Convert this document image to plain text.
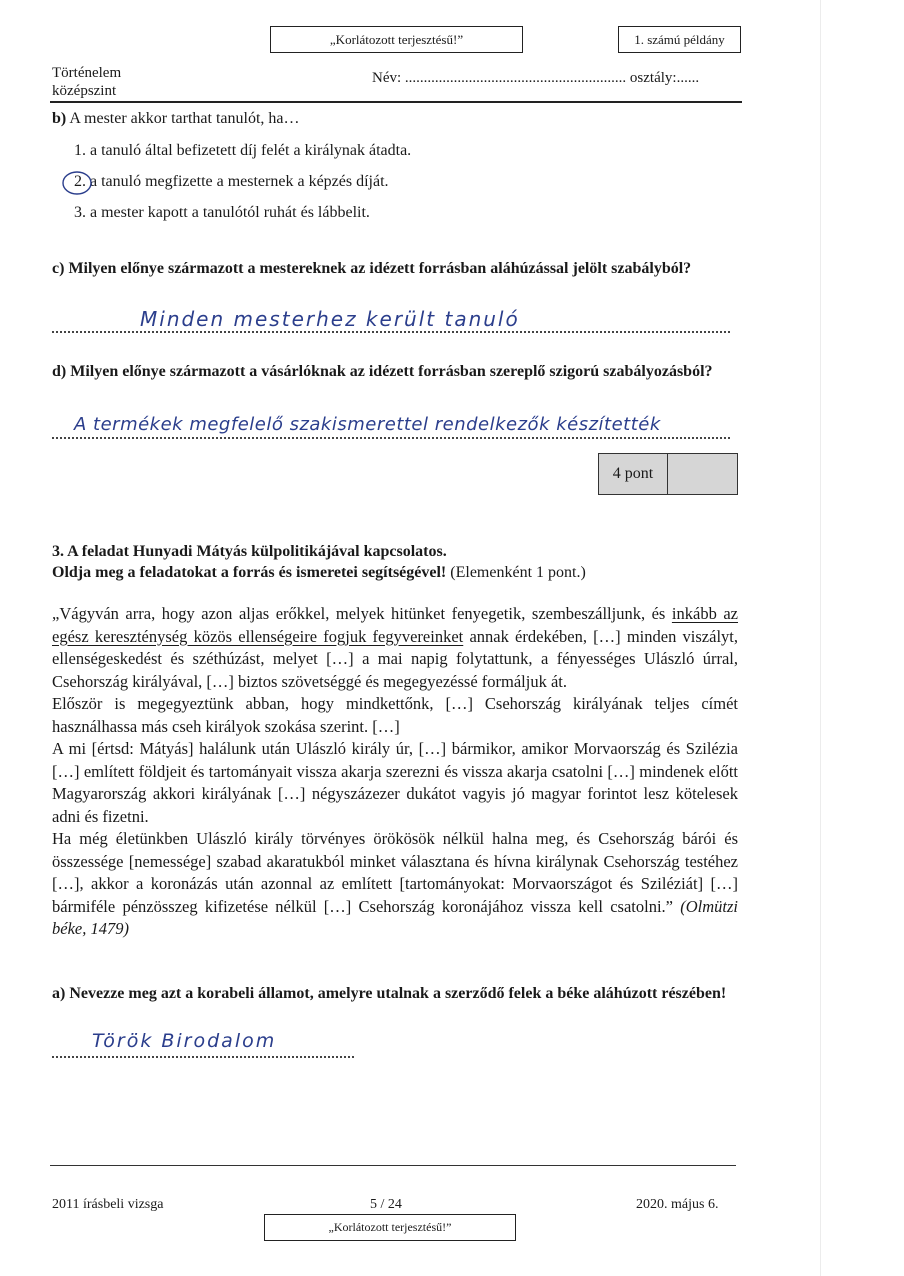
„Korlátozott terjesztésű!”	1. számú példány
Történelem
középszint
Név: ........................................................... osztály:......
b) A mester akkor tarthat tanulót, ha…
1. a tanuló által befizetett díj felét a királynak átadta.
2. a tanuló megfizette a mesternek a képzés díját.
3. a mester kapott a tanulótól ruhát és lábbelit.
c) Milyen előnye származott a mestereknek az idézett forrásban aláhúzással jelölt szabályból?
Minden mesterhez került tanuló
d) Milyen előnye származott a vásárlóknak az idézett forrásban szereplő szigorú szabályozásból?
A termékek megfelelő szakismerettel rendelkezők készítették
4 pont
3. A feladat Hunyadi Mátyás külpolitikájával kapcsolatos.
Oldja meg a feladatokat a forrás és ismeretei segítségével! (Elemenként 1 pont.)

„Vágyván arra, hogy azon aljas erőkkel, melyek hitünket fenyegetik, szembeszálljunk, és inkább az egész kereszténység közös ellenségeire fogjuk fegyvereinket annak érdekében, […] minden viszályt, ellenségeskedést és széthúzást, melyet […] a mai napig folytattunk, a fényességes Ulászló úrral, Csehország királyával, […] biztos szövetséggé és megegyezéssé formáljuk át.

Először is megegyeztünk abban, hogy mindkettőnk, […] Csehország királyának teljes címét használhassa más cseh királyok szokása szerint. […]

A mi [értsd: Mátyás] halálunk után Ulászló király úr, […] bármikor, amikor Morvaország és Szilézia […] említett földjeit és tartományait vissza akarja szerezni és vissza akarja csatolni […] mindenek előtt Magyarország akkori királyának […] négyszázezer dukátot vagyis jó magyar forintot lesz kötelesek adni és fizetni.

Ha még életünkben Ulászló király törvényes örökösök nélkül halna meg, és Csehország bárói és összessége [nemessége] szabad akaratukból minket választana és hívna királynak Csehország testéhez […], akkor a koronázás után azonnal az említett [tartományokat: Morvaországot és Sziléziát] […] bármiféle pénzösszeg kifizetése nélkül […] Csehország koronájához vissza kell csatolni.” (Olmützi béke, 1479)

a) Nevezze meg azt a korabeli államot, amelyre utalnak a szerződő felek a béke aláhúzott részében!
Török Birodalom
2011 írásbeli vizsga	5 / 24	2020. május 6.
„Korlátozott terjesztésű!”
